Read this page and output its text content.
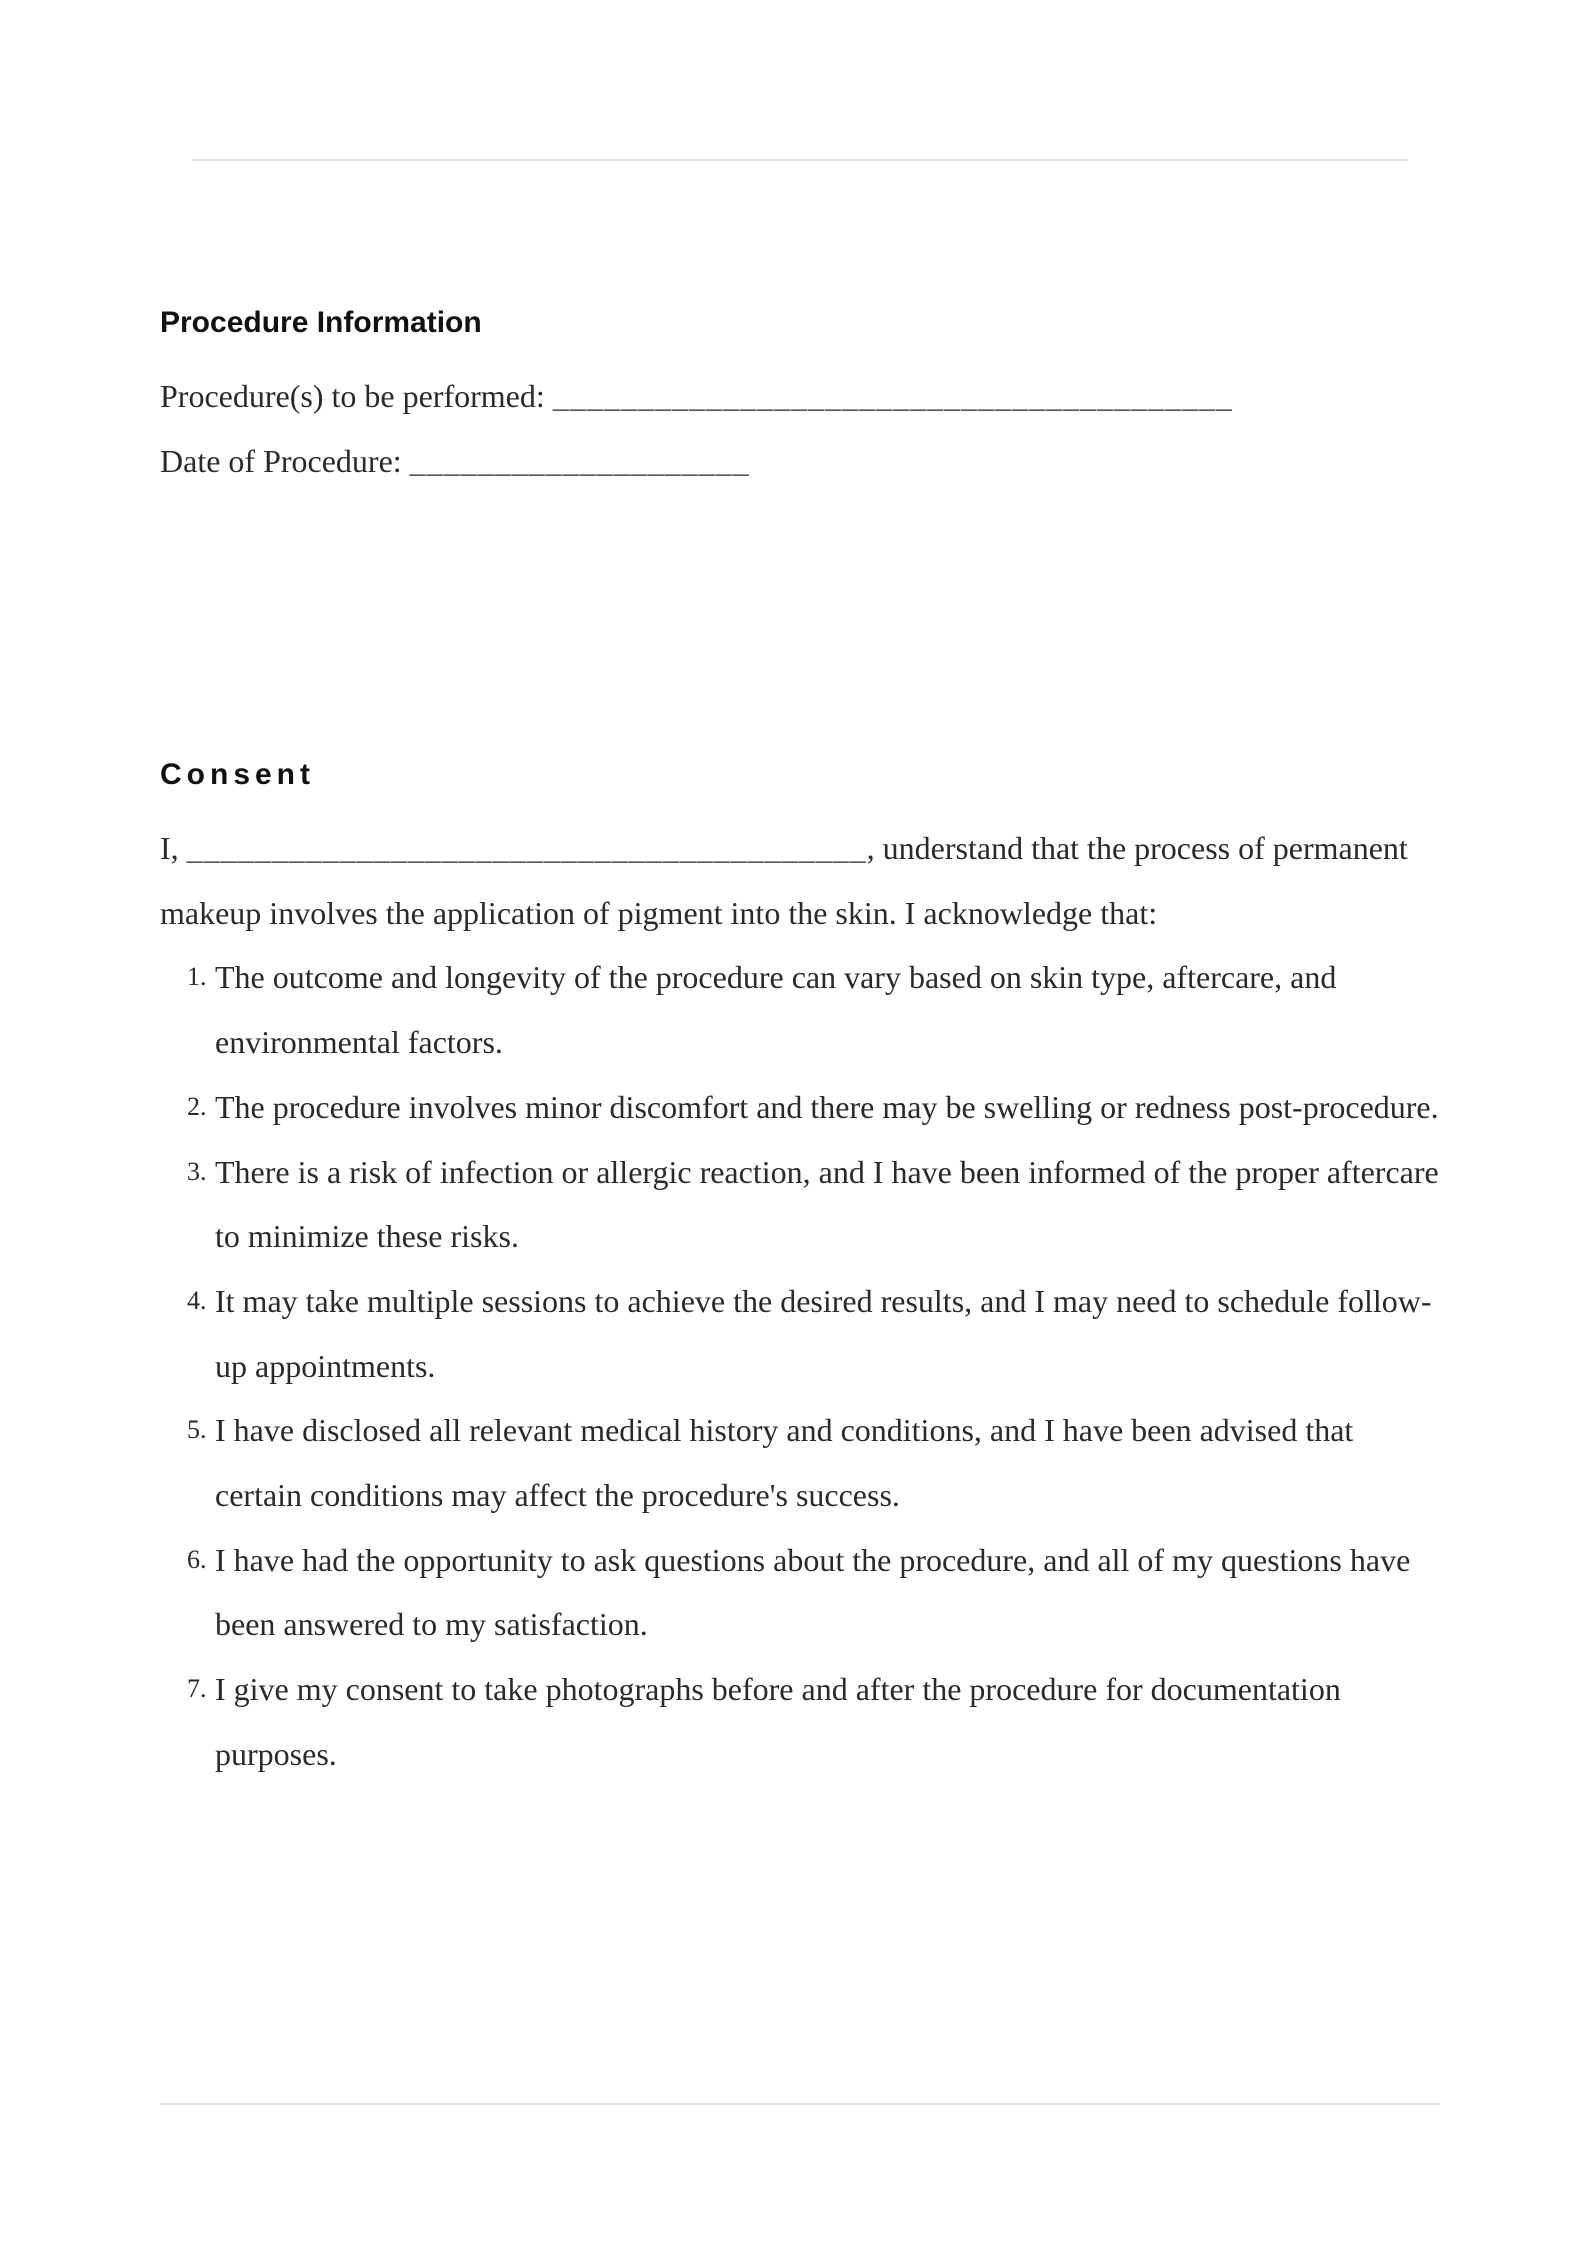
Procedure Information

Procedure(s) to be performed: ________________________________________

Date of Procedure: ____________________

Consent

I, ________________________________________, understand that the process of permanent makeup involves the application of pigment into the skin. I acknowledge that:

1. The outcome and longevity of the procedure can vary based on skin type, aftercare, and environmental factors.
2. The procedure involves minor discomfort and there may be swelling or redness post-procedure.
3. There is a risk of infection or allergic reaction, and I have been informed of the proper aftercare to minimize these risks.
4. It may take multiple sessions to achieve the desired results, and I may need to schedule follow-up appointments.
5. I have disclosed all relevant medical history and conditions, and I have been advised that certain conditions may affect the procedure's success.
6. I have had the opportunity to ask questions about the procedure, and all of my questions have been answered to my satisfaction.
7. I give my consent to take photographs before and after the procedure for documentation purposes.
